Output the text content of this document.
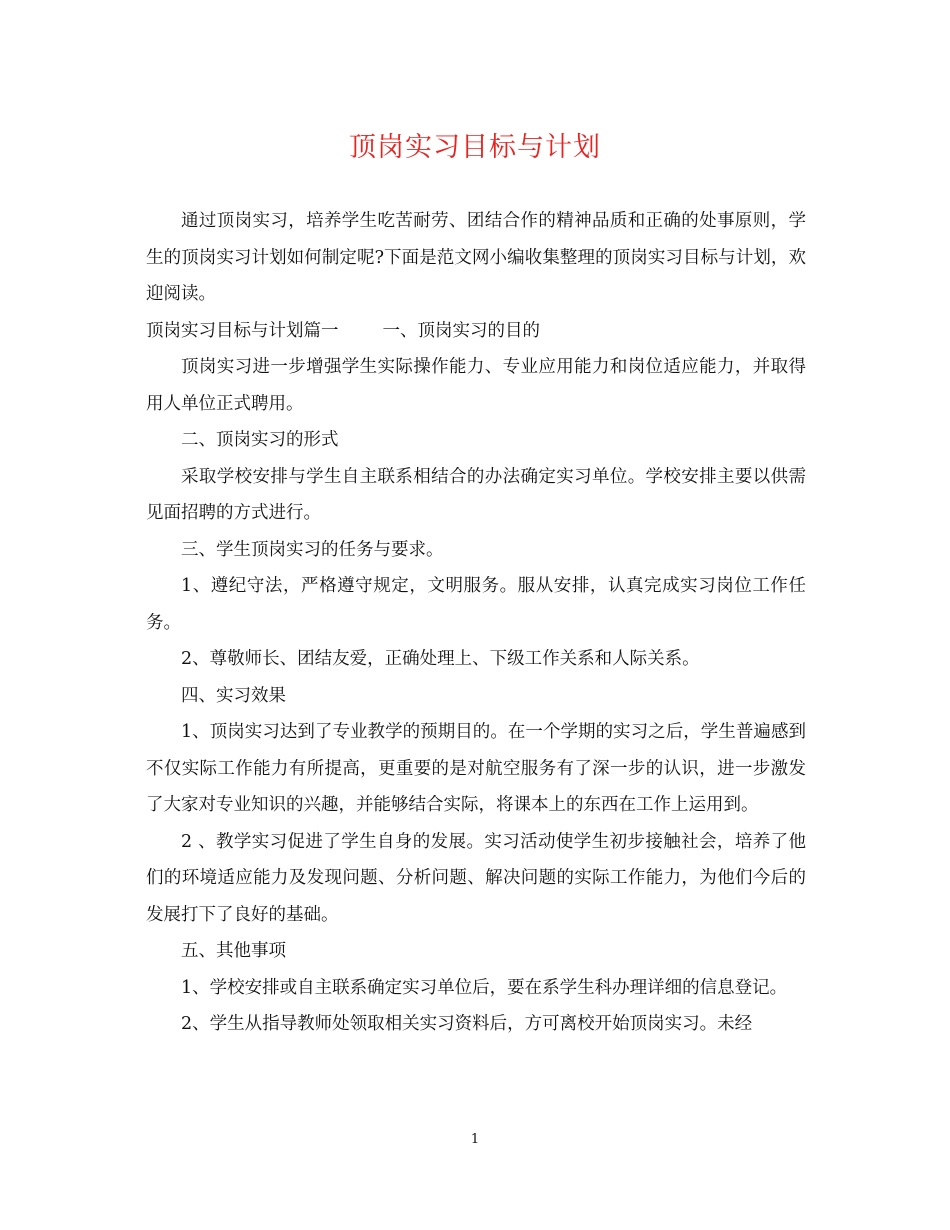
顶岗实习目标与计划

通过顶岗实习，培养学生吃苦耐劳、团结合作的精神品质和正确的处事原则，学生的顶岗实习计划如何制定呢?下面是范文网小编收集整理的顶岗实习目标与计划，欢迎阅读。

顶岗实习目标与计划篇一	一、顶岗实习的目的

顶岗实习进一步增强学生实际操作能力、专业应用能力和岗位适应能力，并取得用人单位正式聘用。

二、顶岗实习的形式

采取学校安排与学生自主联系相结合的办法确定实习单位。学校安排主要以供需见面招聘的方式进行。

三、学生顶岗实习的任务与要求。

1、遵纪守法，严格遵守规定，文明服务。服从安排，认真完成实习岗位工作任务。

2、尊敬师长、团结友爱，正确处理上、下级工作关系和人际关系。

四、实习效果

1、顶岗实习达到了专业教学的预期目的。在一个学期的实习之后，学生普遍感到不仅实际工作能力有所提高，更重要的是对航空服务有了深一步的认识，进一步激发了大家对专业知识的兴趣，并能够结合实际，将课本上的东西在工作上运用到。

2 、教学实习促进了学生自身的发展。实习活动使学生初步接触社会，培养了他们的环境适应能力及发现问题、分析问题、解决问题的实际工作能力，为他们今后的发展打下了良好的基础。

五、其他事项

1、学校安排或自主联系确定实习单位后，要在系学生科办理详细的信息登记。

2、学生从指导教师处领取相关实习资料后，方可离校开始顶岗实习。未经

1
